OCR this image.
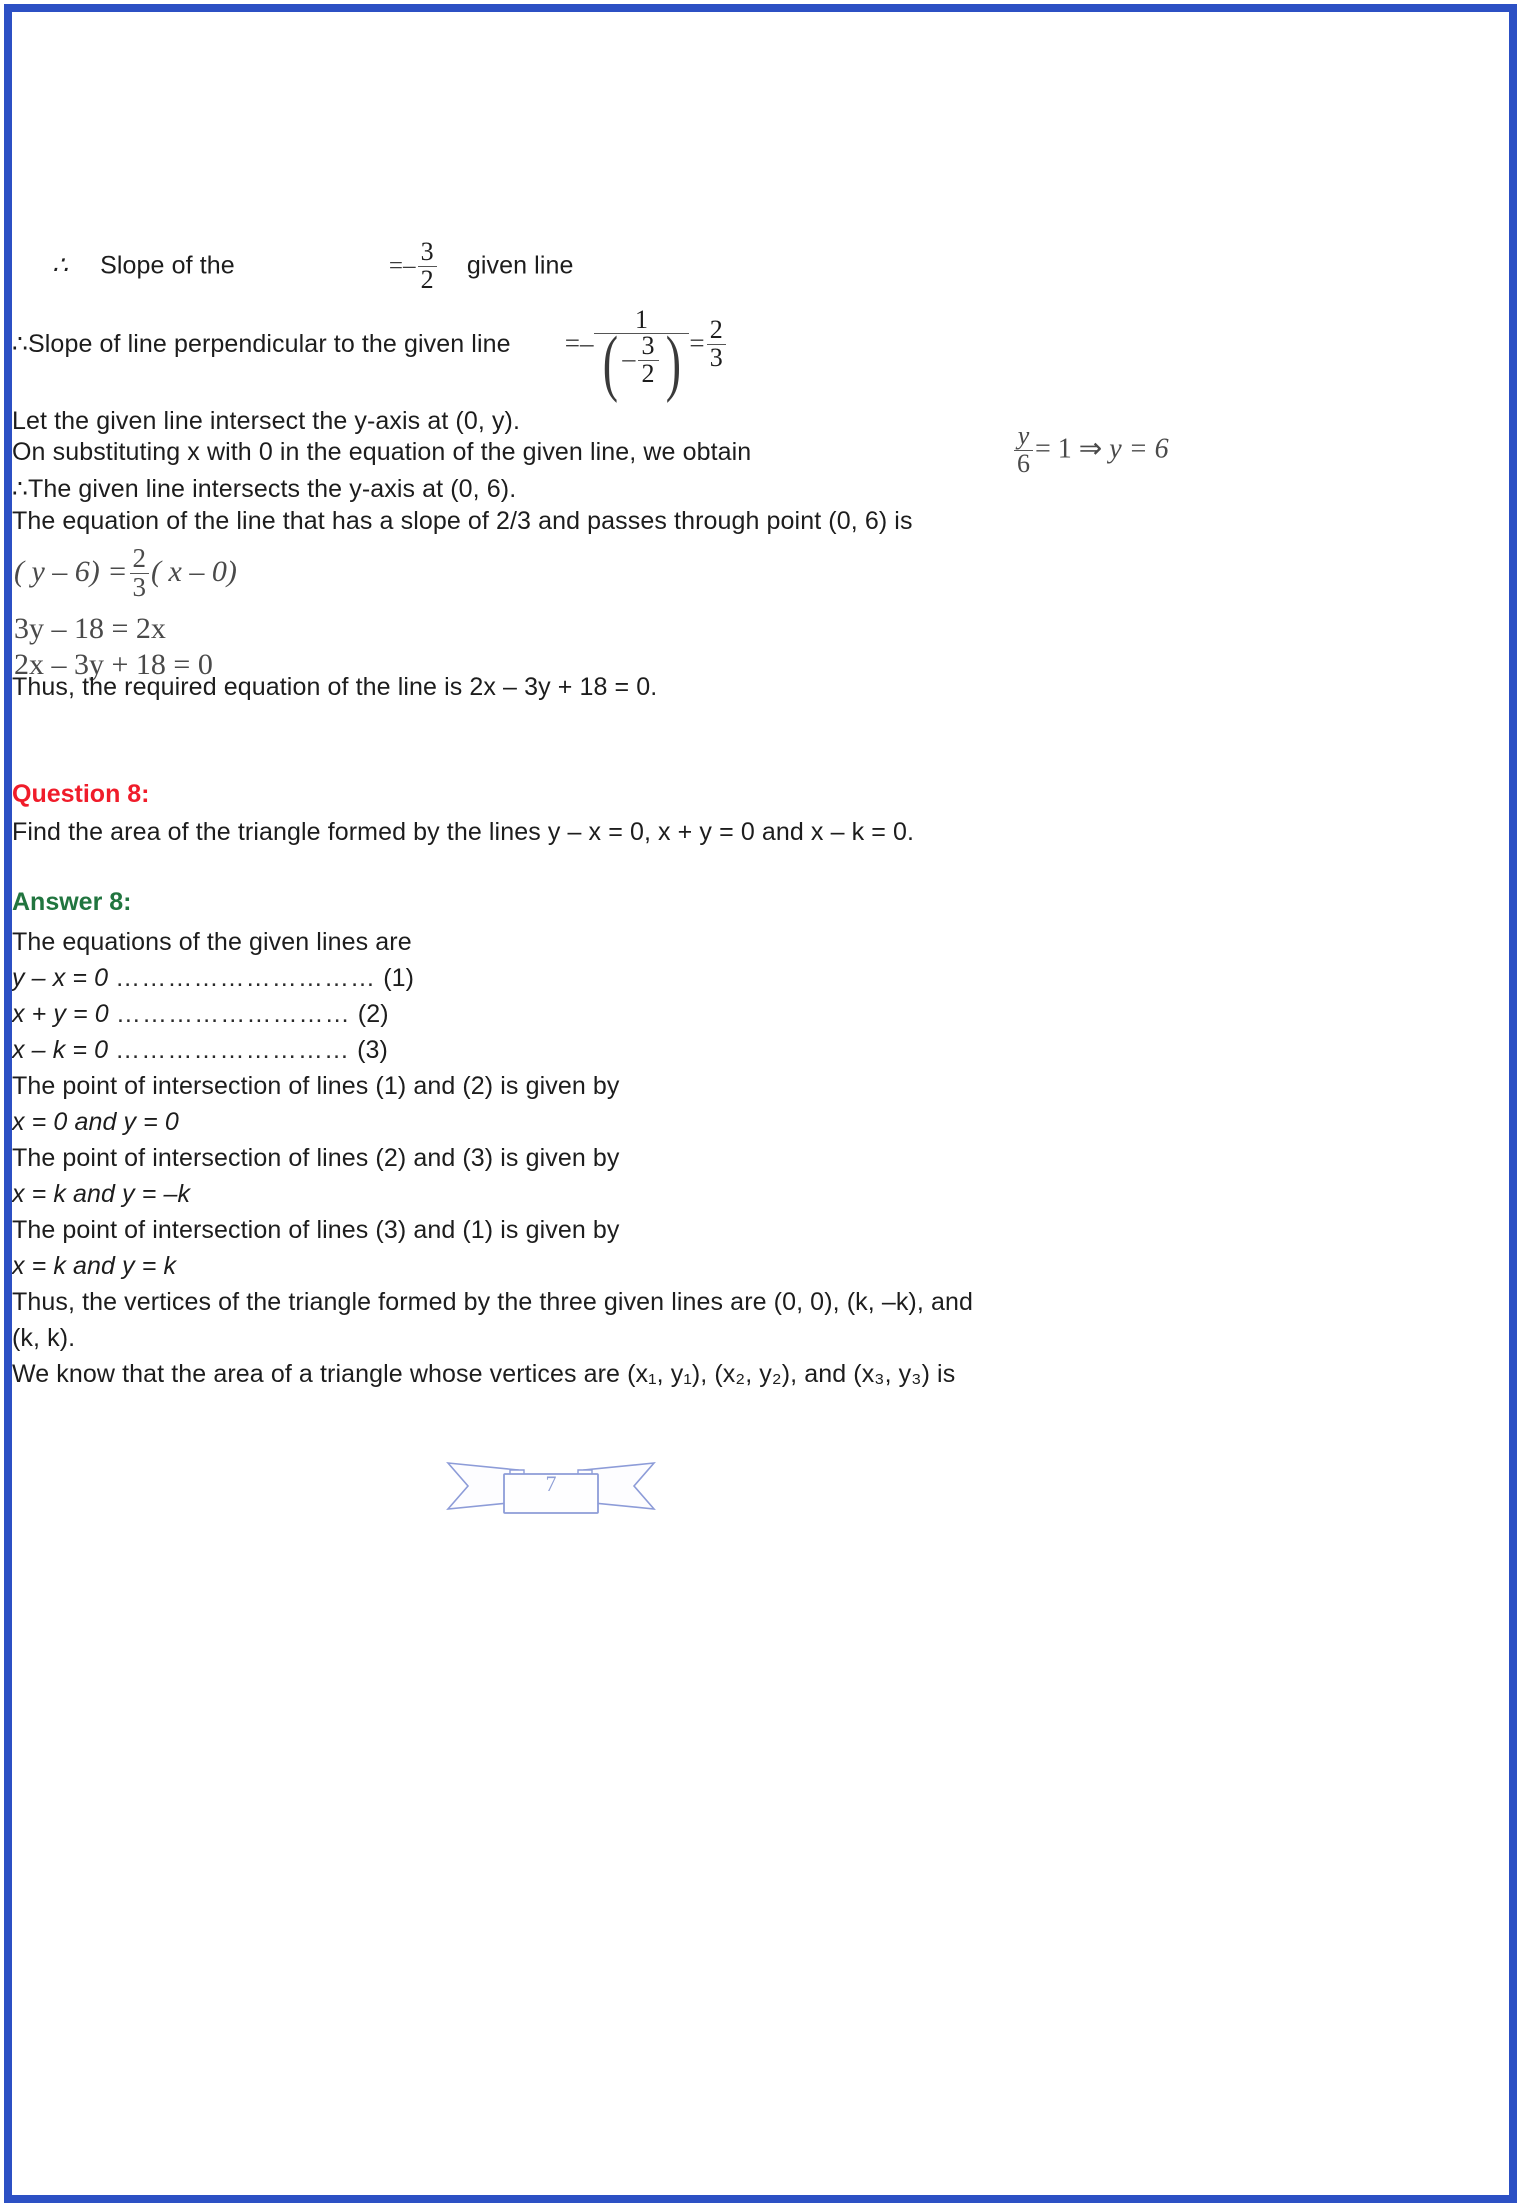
∴ Slope of the	=– $\frac{3}{2}$ given line
∴Slope of line perpendicular to the given line =– $\frac{1}{( - \frac{3}{2} )} = \frac{2}{3}$
Let the given line intersect the y-axis at (0, y).
On substituting x with 0 in the equation of the given line, we obtain	$\frac{y}{6} = 1$ ⇒ y = 6
∴The given line intersects the y-axis at (0, 6).
The equation of the line that has a slope of 2/3 and passes through point (0, 6) is
( $y - 6) = \frac{2}{3}$ ( x – 0)
3y – 18 = 2x
2x – 3y + 18 = 0
Thus, the required equation of the line is 2x – 3y + 18 = 0.
Question 8:
Find the area of the triangle formed by the lines y – x = 0, x + y = 0 and x – k = 0.
Answer 8:
The equations of the given lines are
y – x = 0 ………………………… (1)
x + y = 0 ……………………… (2)
x – k = 0 ……………………… (3)
The point of intersection of lines (1) and (2) is given by
x = 0 and y = 0
The point of intersection of lines (2) and (3) is given by
x = k and y = –k
The point of intersection of lines (3) and (1) is given by
x = k and y = k
Thus, the vertices of the triangle formed by the three given lines are (0, 0), (k, –k), and
(k, k).
We know that the area of a triangle whose vertices are (x₁, y₁), (x₂, y₂), and (x₃, y₃) is
7
